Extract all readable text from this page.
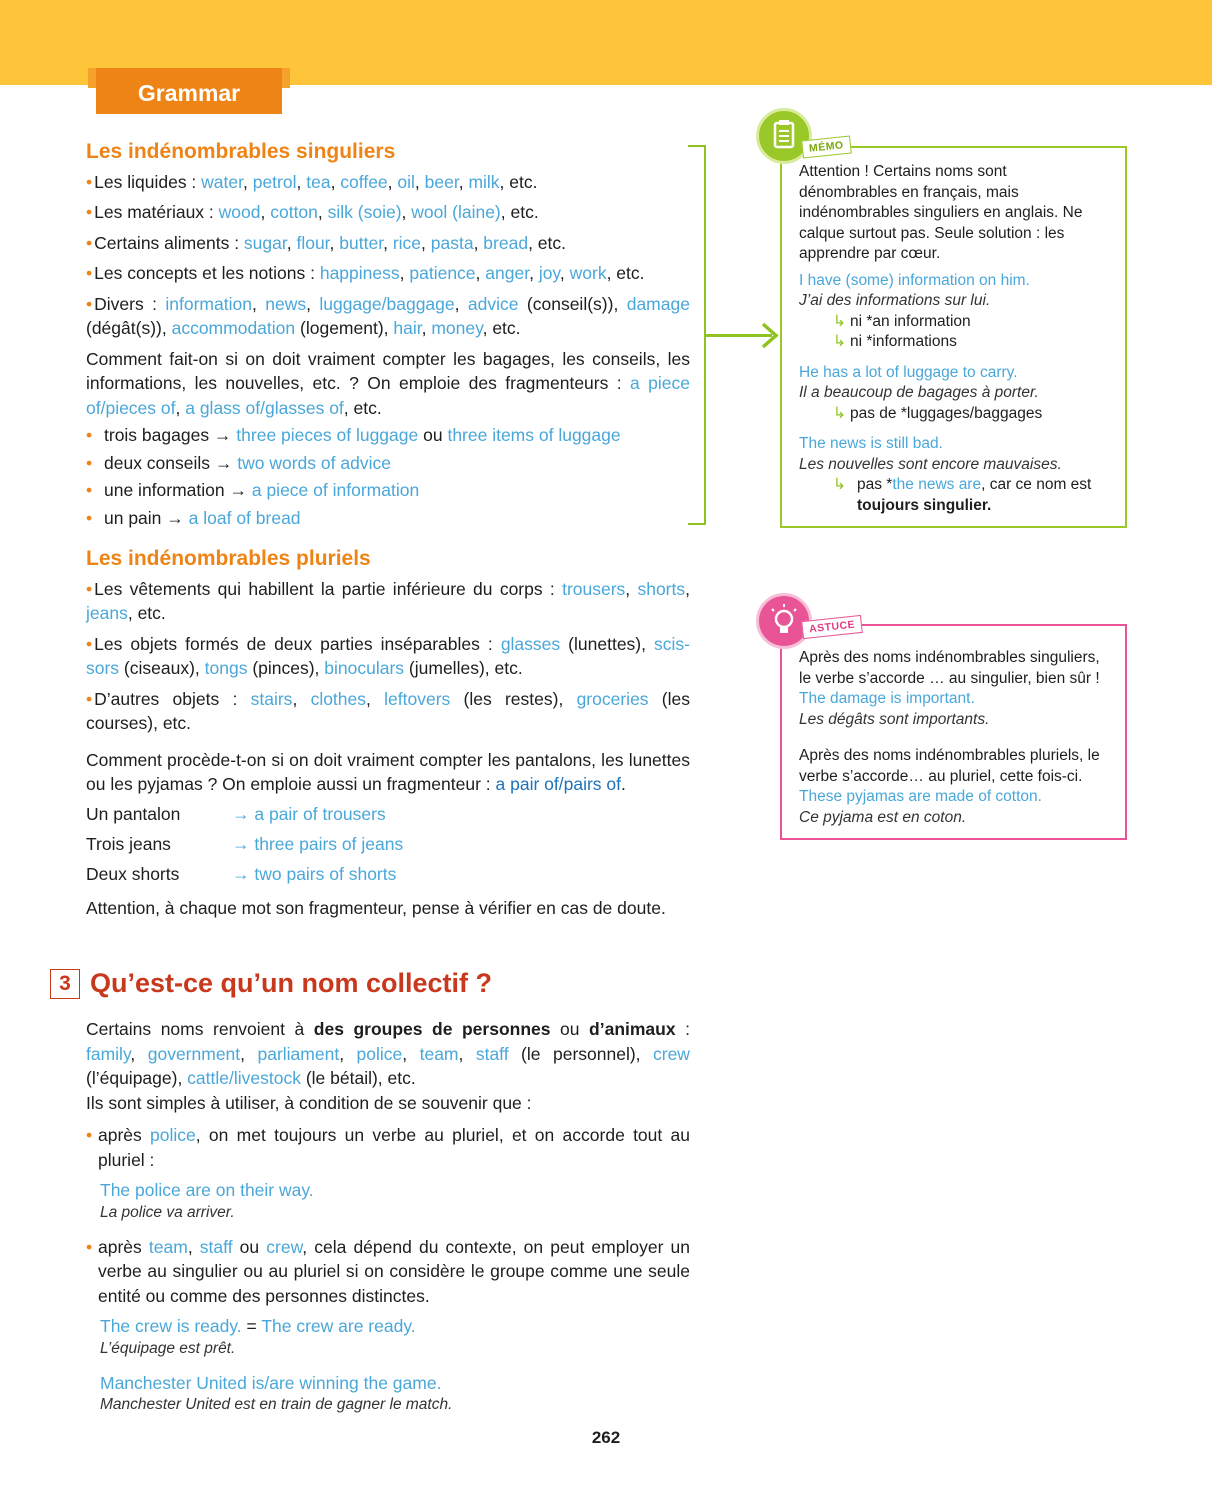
Grammar
Les indénombrables singuliers
• Les liquides : water, petrol, tea, coffee, oil, beer, milk, etc.
• Les matériaux : wood, cotton, silk (soie), wool (laine), etc.
• Certains aliments : sugar, flour, butter, rice, pasta, bread, etc.
• Les concepts et les notions : happiness, patience, anger, joy, work, etc.
• Divers : information, news, luggage/baggage, advice (conseil(s)), damage (dégât(s)), accommodation (logement), hair, money, etc.

Comment fait-on si on doit vraiment compter les bagages, les conseils, les informations, les nouvelles, etc. ? On emploie des fragmenteurs : a piece of/pieces of, a glass of/glasses of, etc.

• trois bagages → three pieces of luggage ou three items of luggage
• deux conseils → two words of advice
• une information → a piece of information
• un pain → a loaf of bread
Les indénombrables pluriels
• Les vêtements qui habillent la partie inférieure du corps : trousers, shorts, jeans, etc.
• Les objets formés de deux parties inséparables : glasses (lunettes), scis-sors (ciseaux), tongs (pinces), binoculars (jumelles), etc.
• D’autres objets : stairs, clothes, leftovers (les restes), groceries (les courses), etc.

Comment procède-t-on si on doit vraiment compter les pantalons, les lunettes ou les pyjamas ? On emploie aussi un fragmenteur : a pair of/pairs of.

Un pantalon	→ a pair of trousers
Trois jeans	→ three pairs of jeans
Deux shorts	→ two pairs of shorts

Attention, à chaque mot son fragmenteur, pense à vérifier en cas de doute.

3 Qu’est-ce qu’un nom collectif ?

Certains noms renvoient à des groupes de personnes ou d’animaux : family, government, parliament, police, team, staff (le personnel), crew (l’équipage), cattle/livestock (le bétail), etc.

Ils sont simples à utiliser, à condition de se souvenir que :

• après police, on met toujours un verbe au pluriel, et on accorde tout au pluriel :
The police are on their way.
La police va arriver.
• après team, staff ou crew, cela dépend du contexte, on peut employer un verbe au singulier ou au pluriel si on considère le groupe comme une seule entité ou comme des personnes distinctes.
The crew is ready. = The crew are ready.
L’équipage est prêt.
Manchester United is/are winning the game.
Manchester United est en train de gagner le match.

Attention ! Certains noms sont dénombrables en français, mais indénombrables singuliers en anglais. Ne calque surtout pas. Seule solution : les apprendre par cœur.

I have (some) information on him.
J’ai des informations sur lui.
↳ ni *an information
↳ ni *informations
He has a lot of luggage to carry.
Il a beaucoup de bagages à porter.
↳ pas de *luggages/baggages
The news is still bad.
Les nouvelles sont encore mauvaises.
↳ pas *the news are, car ce nom est toujours singulier.
MÉMO

Après des noms indénombrables singuliers, le verbe s’accorde … au singulier, bien sûr !

The damage is important.
Les dégâts sont importants.

Après des noms indénombrables pluriels, le verbe s’accorde… au pluriel, cette fois-ci.

These pyjamas are made of cotton.
Ce pyjama est en coton.
ASTUCE
262
